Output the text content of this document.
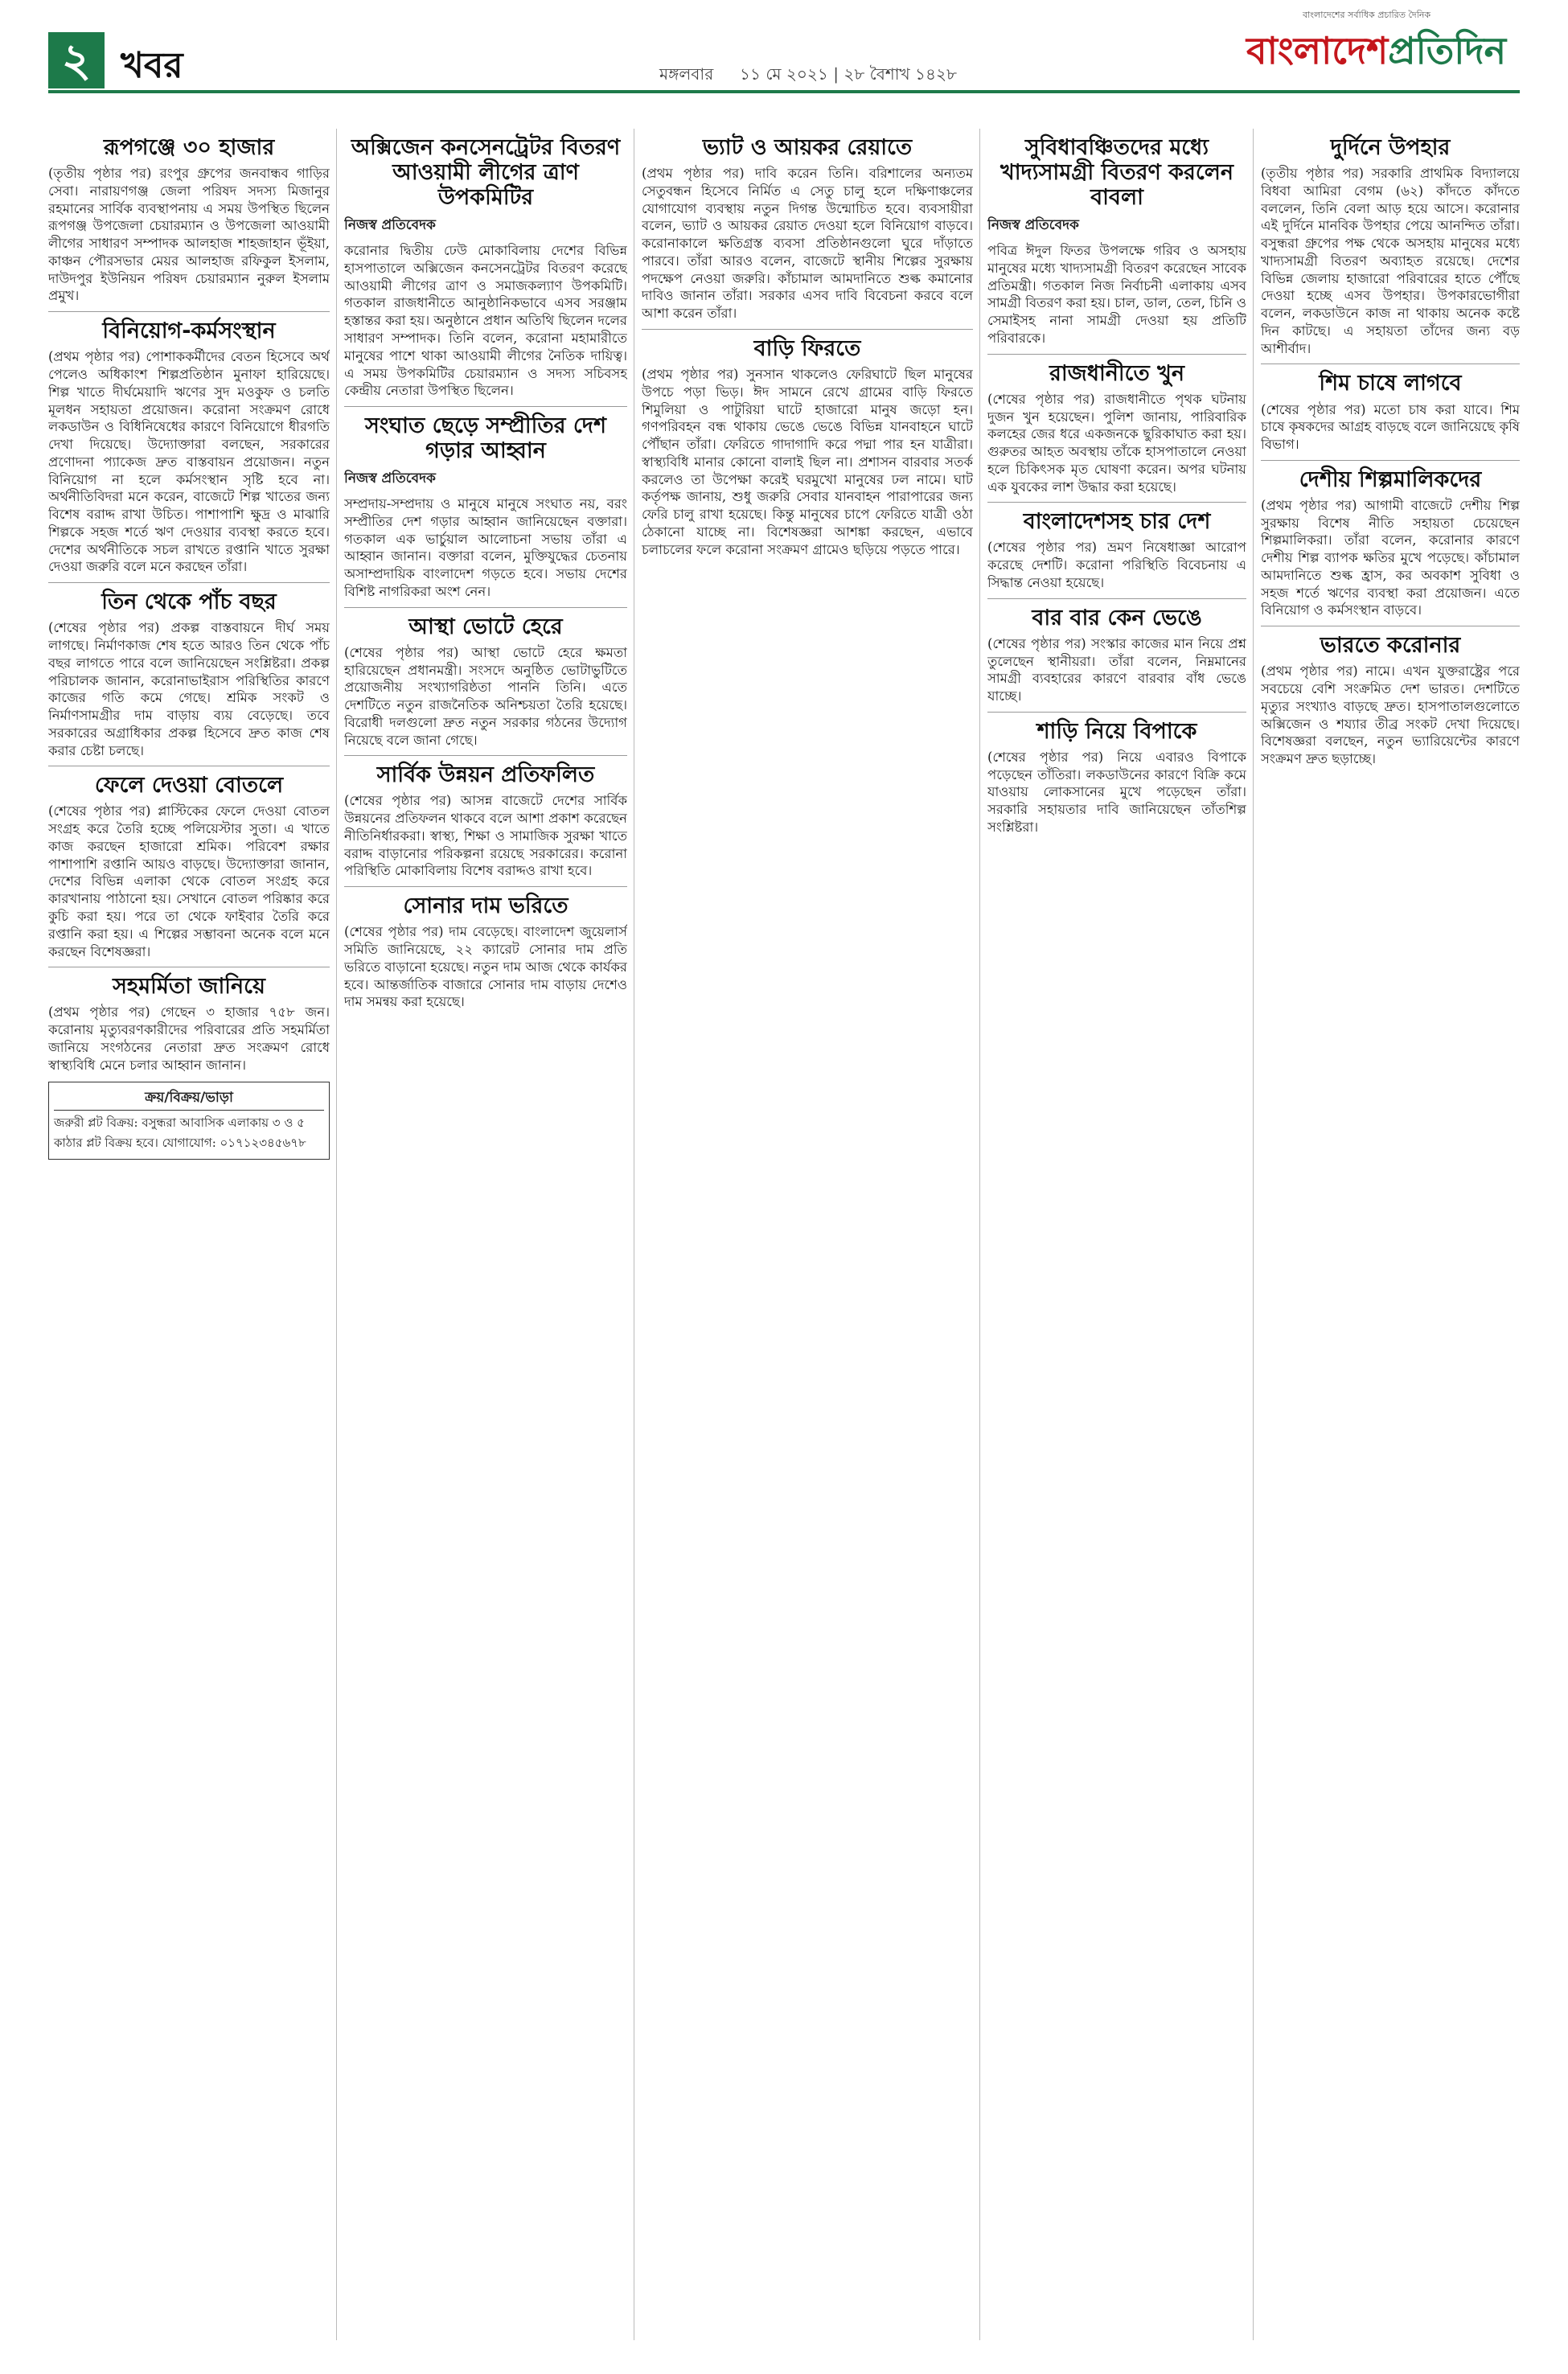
২ খবর	১১ মে ২০২১ | ২৮ বৈশাখ ১৪২৮
মঙ্গলবার
বাংলাদেশের সর্বাধিক প্রচারিত দৈনিক
বাংলাদেশপ্রতিদিন
রূপগঞ্জে ৩০ হাজার

(তৃতীয় পৃষ্ঠার পর) রংপুর গ্রুপের জনবান্ধব গাড়ির সেবা। নারায়ণগঞ্জ জেলা পরিষদ সদস্য মিজানুর রহমানের সার্বিক ব্যবস্থাপনায় এ সময় উপস্থিত ছিলেন রূপগঞ্জ উপজেলা চেয়ারম্যান ও উপজেলা আওয়ামী লীগের সাধারণ সম্পাদক আলহাজ শাহজাহান ভূঁইয়া, কাঞ্চন পৌরসভার মেয়র আলহাজ রফিকুল ইসলাম, দাউদপুর ইউনিয়ন পরিষদ চেয়ারম্যান নুরুল ইসলাম প্রমুখ।

বিনিয়োগ-কর্মসংস্থান

(প্রথম পৃষ্ঠার পর) পোশাককর্মীদের বেতন হিসেবে অর্থ পেলেও অধিকাংশ শিল্পপ্রতিষ্ঠান মুনাফা হারিয়েছে। শিল্প খাতে দীর্ঘমেয়াদি ঋণের সুদ মওকুফ ও চলতি মূলধন সহায়তা প্রয়োজন। করোনা সংক্রমণ রোধে লকডাউন ও বিধিনিষেধের কারণে বিনিয়োগে ধীরগতি দেখা দিয়েছে। উদ্যোক্তারা বলছেন, সরকারের প্রণোদনা প্যাকেজ দ্রুত বাস্তবায়ন প্রয়োজন। নতুন বিনিয়োগ না হলে কর্মসংস্থান সৃষ্টি হবে না। অর্থনীতিবিদরা মনে করেন, বাজেটে শিল্প খাতের জন্য বিশেষ বরাদ্দ রাখা উচিত। পাশাপাশি ক্ষুদ্র ও মাঝারি শিল্পকে সহজ শর্তে ঋণ দেওয়ার ব্যবস্থা করতে হবে। দেশের অর্থনীতিকে সচল রাখতে রপ্তানি খাতে সুরক্ষা দেওয়া জরুরি বলে মনে করছেন তাঁরা।

তিন থেকে পাঁচ বছর

(শেষের পৃষ্ঠার পর) প্রকল্প বাস্তবায়নে দীর্ঘ সময় লাগছে। নির্মাণকাজ শেষ হতে আরও তিন থেকে পাঁচ বছর লাগতে পারে বলে জানিয়েছেন সংশ্লিষ্টরা। প্রকল্প পরিচালক জানান, করোনাভাইরাস পরিস্থিতির কারণে কাজের গতি কমে গেছে। শ্রমিক সংকট ও নির্মাণসামগ্রীর দাম বাড়ায় ব্যয় বেড়েছে। তবে সরকারের অগ্রাধিকার প্রকল্প হিসেবে দ্রুত কাজ শেষ করার চেষ্টা চলছে।

ফেলে দেওয়া বোতলে

(শেষের পৃষ্ঠার পর) প্লাস্টিকের ফেলে দেওয়া বোতল সংগ্রহ করে তৈরি হচ্ছে পলিয়েস্টার সুতা। এ খাতে কাজ করছেন হাজারো শ্রমিক। পরিবেশ রক্ষার পাশাপাশি রপ্তানি আয়ও বাড়ছে। উদ্যোক্তারা জানান, দেশের বিভিন্ন এলাকা থেকে বোতল সংগ্রহ করে কারখানায় পাঠানো হয়। সেখানে বোতল পরিষ্কার করে কুচি করা হয়। পরে তা থেকে ফাইবার তৈরি করে রপ্তানি করা হয়। এ শিল্পের সম্ভাবনা অনেক বলে মনে করছেন বিশেষজ্ঞরা।

সহমর্মিতা জানিয়ে

(প্রথম পৃষ্ঠার পর) গেছেন ৩ হাজার ৭৫৮ জন। করোনায় মৃত্যুবরণকারীদের পরিবারের প্রতি সহমর্মিতা জানিয়ে সংগঠনের নেতারা দ্রুত সংক্রমণ রোধে স্বাস্থ্যবিধি মেনে চলার আহ্বান জানান।

ক্রয়/বিক্রয়/ভাড়া
জরুরী প্লট বিক্রয়: বসুন্ধরা আবাসিক এলাকায় ৩ ও ৫ কাঠার প্লট বিক্রয় হবে। যোগাযোগ: ০১৭১২৩৪৫৬৭৮
অক্সিজেন কনসেনট্রেটর বিতরণ আওয়ামী লীগের ত্রাণ উপকমিটির
নিজস্ব প্রতিবেদক

করোনার দ্বিতীয় ঢেউ মোকাবিলায় দেশের বিভিন্ন হাসপাতালে অক্সিজেন কনসেনট্রেটর বিতরণ করেছে আওয়ামী লীগের ত্রাণ ও সমাজকল্যাণ উপকমিটি। গতকাল রাজধানীতে আনুষ্ঠানিকভাবে এসব সরঞ্জাম হস্তান্তর করা হয়। অনুষ্ঠানে প্রধান অতিথি ছিলেন দলের সাধারণ সম্পাদক। তিনি বলেন, করোনা মহামারীতে মানুষের পাশে থাকা আওয়ামী লীগের নৈতিক দায়িত্ব। এ সময় উপকমিটির চেয়ারম্যান ও সদস্য সচিবসহ কেন্দ্রীয় নেতারা উপস্থিত ছিলেন।

সংঘাত ছেড়ে সম্প্রীতির দেশ গড়ার আহ্বান
নিজস্ব প্রতিবেদক

সম্প্রদায়-সম্প্রদায় ও মানুষে মানুষে সংঘাত নয়, বরং সম্প্রীতির দেশ গড়ার আহ্বান জানিয়েছেন বক্তারা। গতকাল এক ভার্চুয়াল আলোচনা সভায় তাঁরা এ আহ্বান জানান। বক্তারা বলেন, মুক্তিযুদ্ধের চেতনায় অসাম্প্রদায়িক বাংলাদেশ গড়তে হবে। সভায় দেশের বিশিষ্ট নাগরিকরা অংশ নেন।

আস্থা ভোটে হেরে

(শেষের পৃষ্ঠার পর) আস্থা ভোটে হেরে ক্ষমতা হারিয়েছেন প্রধানমন্ত্রী। সংসদে অনুষ্ঠিত ভোটাভুটিতে প্রয়োজনীয় সংখ্যাগরিষ্ঠতা পাননি তিনি। এতে দেশটিতে নতুন রাজনৈতিক অনিশ্চয়তা তৈরি হয়েছে। বিরোধী দলগুলো দ্রুত নতুন সরকার গঠনের উদ্যোগ নিয়েছে বলে জানা গেছে।

সার্বিক উন্নয়ন প্রতিফলিত

(শেষের পৃষ্ঠার পর) আসন্ন বাজেটে দেশের সার্বিক উন্নয়নের প্রতিফলন থাকবে বলে আশা প্রকাশ করেছেন নীতিনির্ধারকরা। স্বাস্থ্য, শিক্ষা ও সামাজিক সুরক্ষা খাতে বরাদ্দ বাড়ানোর পরিকল্পনা রয়েছে সরকারের। করোনা পরিস্থিতি মোকাবিলায় বিশেষ বরাদ্দও রাখা হবে।

সোনার দাম ভরিতে

(শেষের পৃষ্ঠার পর) দাম বেড়েছে। বাংলাদেশ জুয়েলার্স সমিতি জানিয়েছে, ২২ ক্যারেট সোনার দাম প্রতি ভরিতে বাড়ানো হয়েছে। নতুন দাম আজ থেকে কার্যকর হবে। আন্তর্জাতিক বাজারে সোনার দাম বাড়ায় দেশেও দাম সমন্বয় করা হয়েছে।

ভ্যাট ও আয়কর রেয়াতে

(প্রথম পৃষ্ঠার পর) দাবি করেন তিনি। বরিশালের অন্যতম সেতুবন্ধন হিসেবে নির্মিত এ সেতু চালু হলে দক্ষিণাঞ্চলের যোগাযোগ ব্যবস্থায় নতুন দিগন্ত উন্মোচিত হবে। ব্যবসায়ীরা বলেন, ভ্যাট ও আয়কর রেয়াত দেওয়া হলে বিনিয়োগ বাড়বে। করোনাকালে ক্ষতিগ্রস্ত ব্যবসা প্রতিষ্ঠানগুলো ঘুরে দাঁড়াতে পারবে। তাঁরা আরও বলেন, বাজেটে স্থানীয় শিল্পের সুরক্ষায় পদক্ষেপ নেওয়া জরুরি। কাঁচামাল আমদানিতে শুল্ক কমানোর দাবিও জানান তাঁরা। সরকার এসব দাবি বিবেচনা করবে বলে আশা করেন তাঁরা।

বাড়ি ফিরতে

(প্রথম পৃষ্ঠার পর) সুনসান থাকলেও ফেরিঘাটে ছিল মানুষের উপচে পড়া ভিড়। ঈদ সামনে রেখে গ্রামের বাড়ি ফিরতে শিমুলিয়া ও পাটুরিয়া ঘাটে হাজারো মানুষ জড়ো হন। গণপরিবহন বন্ধ থাকায় ভেঙে ভেঙে বিভিন্ন যানবাহনে ঘাটে পৌঁছান তাঁরা। ফেরিতে গাদাগাদি করে পদ্মা পার হন যাত্রীরা। স্বাস্থ্যবিধি মানার কোনো বালাই ছিল না। প্রশাসন বারবার সতর্ক করলেও তা উপেক্ষা করেই ঘরমুখো মানুষের ঢল নামে। ঘাট কর্তৃপক্ষ জানায়, শুধু জরুরি সেবার যানবাহন পারাপারের জন্য ফেরি চালু রাখা হয়েছে। কিন্তু মানুষের চাপে ফেরিতে যাত্রী ওঠা ঠেকানো যাচ্ছে না। বিশেষজ্ঞরা আশঙ্কা করছেন, এভাবে চলাচলের ফলে করোনা সংক্রমণ গ্রামেও ছড়িয়ে পড়তে পারে।

সুবিধাবঞ্চিতদের মধ্যে খাদ্যসামগ্রী বিতরণ করলেন বাবলা
নিজস্ব প্রতিবেদক

পবিত্র ঈদুল ফিতর উপলক্ষে গরিব ও অসহায় মানুষের মধ্যে খাদ্যসামগ্রী বিতরণ করেছেন সাবেক প্রতিমন্ত্রী। গতকাল নিজ নির্বাচনী এলাকায় এসব সামগ্রী বিতরণ করা হয়। চাল, ডাল, তেল, চিনি ও সেমাইসহ নানা সামগ্রী দেওয়া হয় প্রতিটি পরিবারকে।

রাজধানীতে খুন

(শেষের পৃষ্ঠার পর) রাজধানীতে পৃথক ঘটনায় দুজন খুন হয়েছেন। পুলিশ জানায়, পারিবারিক কলহের জের ধরে একজনকে ছুরিকাঘাত করা হয়। গুরুতর আহত অবস্থায় তাঁকে হাসপাতালে নেওয়া হলে চিকিৎসক মৃত ঘোষণা করেন। অপর ঘটনায় এক যুবকের লাশ উদ্ধার করা হয়েছে।

বাংলাদেশসহ চার দেশ

(শেষের পৃষ্ঠার পর) ভ্রমণ নিষেধাজ্ঞা আরোপ করেছে দেশটি। করোনা পরিস্থিতি বিবেচনায় এ সিদ্ধান্ত নেওয়া হয়েছে।

বার বার কেন ভেঙে

(শেষের পৃষ্ঠার পর) সংস্কার কাজের মান নিয়ে প্রশ্ন তুলেছেন স্থানীয়রা। তাঁরা বলেন, নিম্নমানের সামগ্রী ব্যবহারের কারণে বারবার বাঁধ ভেঙে যাচ্ছে।

শাড়ি নিয়ে বিপাকে

(শেষের পৃষ্ঠার পর) নিয়ে এবারও বিপাকে পড়েছেন তাঁতিরা। লকডাউনের কারণে বিক্রি কমে যাওয়ায় লোকসানের মুখে পড়েছেন তাঁরা। সরকারি সহায়তার দাবি জানিয়েছেন তাঁতশিল্প সংশ্লিষ্টরা।

দুর্দিনে উপহার

(তৃতীয় পৃষ্ঠার পর) সরকারি প্রাথমিক বিদ্যালয়ে বিধবা আমিরা বেগম (৬২) কাঁদতে কাঁদতে বললেন, তিনি বেলা আড় হয়ে আসে। করোনার এই দুর্দিনে মানবিক উপহার পেয়ে আনন্দিত তাঁরা। বসুন্ধরা গ্রুপের পক্ষ থেকে অসহায় মানুষের মধ্যে খাদ্যসামগ্রী বিতরণ অব্যাহত রয়েছে। দেশের বিভিন্ন জেলায় হাজারো পরিবারের হাতে পৌঁছে দেওয়া হচ্ছে এসব উপহার। উপকারভোগীরা বলেন, লকডাউনে কাজ না থাকায় অনেক কষ্টে দিন কাটছে। এ সহায়তা তাঁদের জন্য বড় আশীর্বাদ।

শিম চাষে লাগবে

(শেষের পৃষ্ঠার পর) মতো চাষ করা যাবে। শিম চাষে কৃষকদের আগ্রহ বাড়ছে বলে জানিয়েছে কৃষি বিভাগ।

দেশীয় শিল্পমালিকদের

(প্রথম পৃষ্ঠার পর) আগামী বাজেটে দেশীয় শিল্প সুরক্ষায় বিশেষ নীতি সহায়তা চেয়েছেন শিল্পমালিকরা। তাঁরা বলেন, করোনার কারণে দেশীয় শিল্প ব্যাপক ক্ষতির মুখে পড়েছে। কাঁচামাল আমদানিতে শুল্ক হ্রাস, কর অবকাশ সুবিধা ও সহজ শর্তে ঋণের ব্যবস্থা করা প্রয়োজন। এতে বিনিয়োগ ও কর্মসংস্থান বাড়বে।

ভারতে করোনার

(প্রথম পৃষ্ঠার পর) নামে। এখন যুক্তরাষ্ট্রের পরে সবচেয়ে বেশি সংক্রমিত দেশ ভারত। দেশটিতে মৃত্যুর সংখ্যাও বাড়ছে দ্রুত। হাসপাতালগুলোতে অক্সিজেন ও শয্যার তীব্র সংকট দেখা দিয়েছে। বিশেষজ্ঞরা বলছেন, নতুন ভ্যারিয়েন্টের কারণে সংক্রমণ দ্রুত ছড়াচ্ছে।
